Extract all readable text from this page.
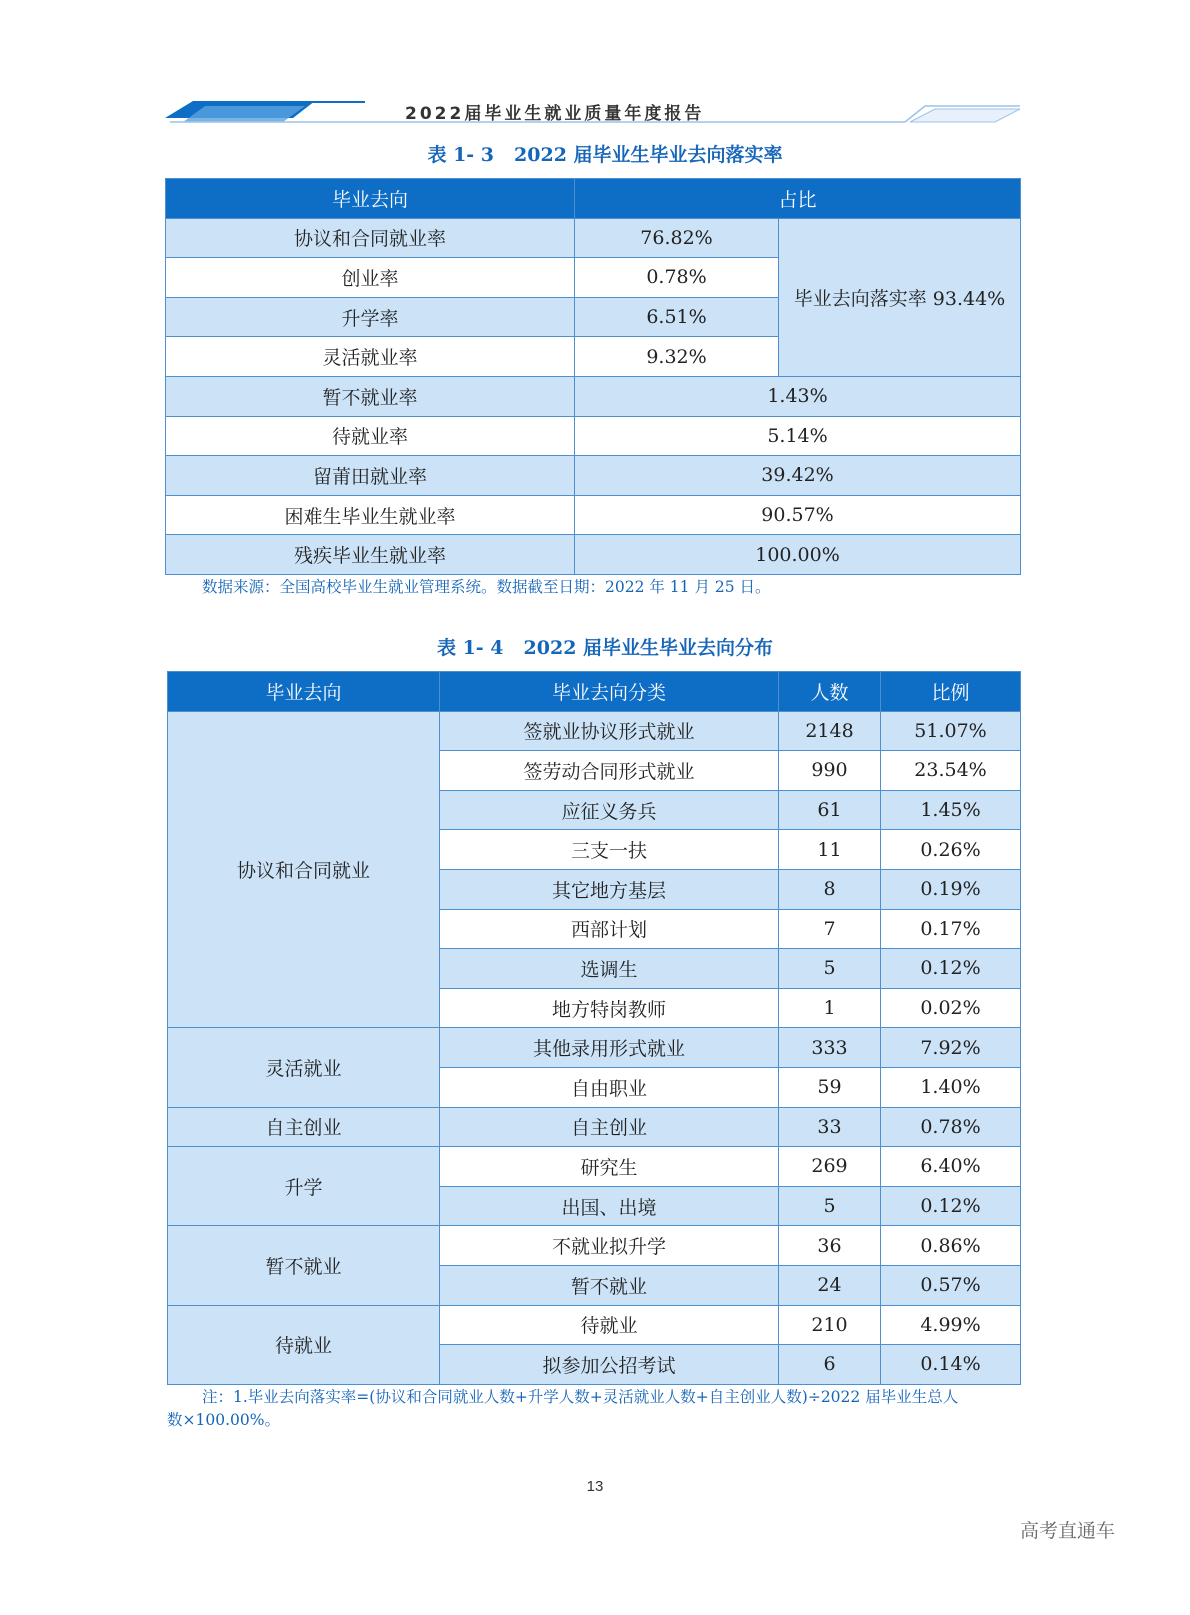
2022届毕业生就业质量年度报告
表 1- 3 2022 届毕业生毕业去向落实率
毕业去向	占比	
协议和合同就业率	76.82%	毕业去向落实率 93.44%
创业率	0.78%	
升学率	6.51%	
灵活就业率	9.32%	
暂不就业率	1.43%	
待就业率	5.14%	
留莆田就业率	39.42%	
困难生毕业生就业率	90.57%	
残疾毕业生就业率	100.00%	
数据来源：全国高校毕业生就业管理系统。数据截至日期：2022 年 11 月 25 日。
表 1- 4 2022 届毕业生毕业去向分布
毕业去向	毕业去向分类	人数	比例
协议和合同就业	签就业协议形式就业	2148	51.07%
	签劳动合同形式就业	990	23.54%
	应征义务兵	61	1.45%
	三支一扶	11	0.26%
	其它地方基层	8	0.19%
	西部计划	7	0.17%
	选调生	5	0.12%
	地方特岗教师	1	0.02%
灵活就业	其他录用形式就业	333	7.92%
	自由职业	59	1.40%
自主创业	自主创业	33	0.78%
升学	研究生	269	6.40%
	出国、出境	5	0.12%
暂不就业	不就业拟升学	36	0.86%
	暂不就业	24	0.57%
待就业	待就业	210	4.99%
	拟参加公招考试	6	0.14%
注：1.毕业去向落实率=(协议和合同就业人数+升学人数+灵活就业人数+自主创业人数)÷2022 届毕业生总人
数×100.00%。
13
高考直通车
